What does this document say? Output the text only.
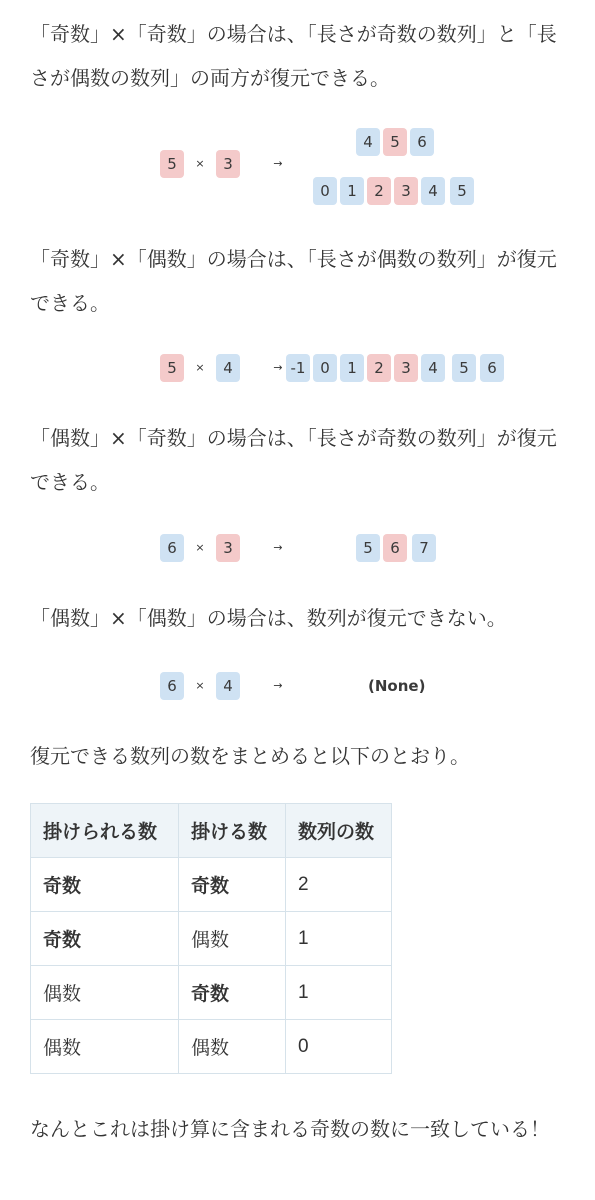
「奇数」×「奇数」の場合は、「長さが奇数の数列」と「長さが偶数の数列」の両方が復元できる。

4	5	6
5	×	3	→
0	1	2	3	4	5

「奇数」×「偶数」の場合は、「長さが偶数の数列」が復元できる。

5	×	4	→ -1 0	1	2	3	4	5	6

「偶数」×「奇数」の場合は、「長さが奇数の数列」が復元できる。

6	×	3	→	5	6	7

「偶数」×「偶数」の場合は、数列が復元できない。

6	×	4	→	(None)

復元できる数列の数をまとめると以下のとおり。

掛けられる数	掛ける数	数列の数
奇数	奇数	2
奇数	偶数	1
偶数	奇数	1
偶数	偶数	0

なんとこれは掛け算に含まれる奇数の数に一致している！
